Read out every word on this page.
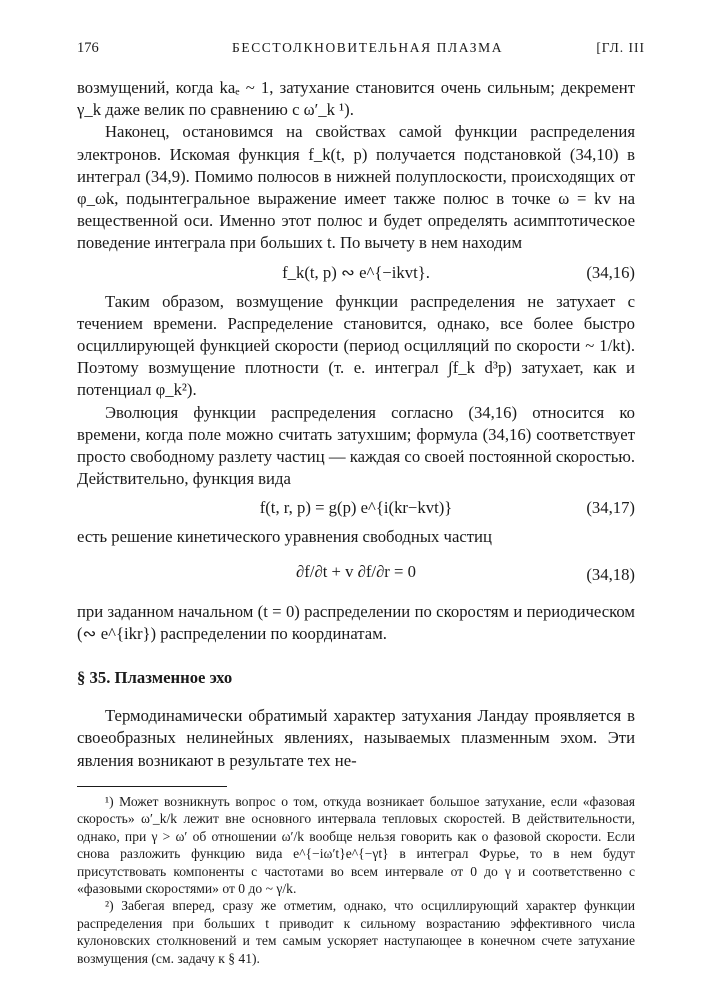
176	БЕССТОЛКНОВИТЕЛЬНАЯ ПЛАЗМА	[ГЛ. III

возмущений, когда kaₑ ~ 1, затухание становится очень сильным; декремент γ_k даже велик по сравнению с ω′_k ¹).

Наконец, остановимся на свойствах самой функции распределения электронов. Искомая функция f_k(t, p) получается подстановкой (34,10) в интеграл (34,9). Помимо полюсов в нижней полуплоскости, происходящих от φ_ωk, подынтегральное выражение имеет также полюс в точке ω = kv на вещественной оси. Именно этот полюс и будет определять асимптотическое поведение интеграла при больших t. По вычету в нем находим

f_k(t, p) ∾ e^{−ikvt}.	(34,16)

Таким образом, возмущение функции распределения не затухает с течением времени. Распределение становится, однако, все более быстро осциллирующей функцией скорости (период осцилляций по скорости ~ 1/kt). Поэтому возмущение плотности (т. е. интеграл ∫f_k d³p) затухает, как и потенциал φ_k²).

Эволюция функции распределения согласно (34,16) относится ко времени, когда поле можно считать затухшим; формула (34,16) соответствует просто свободному разлету частиц — каждая со своей постоянной скоростью. Действительно, функция вида

f(t, r, p) = g(p) e^{i(kr−kvt)}	(34,17)

есть решение кинетического уравнения свободных частиц

∂f/∂t + v ∂f/∂r = 0	(34,18)

при заданном начальном (t = 0) распределении по скоростям и периодическом (∾ e^{ikr}) распределении по координатам.

§ 35. Плазменное эхо

Термодинамически обратимый характер затухания Ландау проявляется в своеобразных нелинейных явлениях, называемых плазменным эхом. Эти явления возникают в результате тех не-

¹) Может возникнуть вопрос о том, откуда возникает большое затухание, если «фазовая скорость» ω′_k/k лежит вне основного интервала тепловых скоростей. В действительности, однако, при γ > ω′ об отношении ω′/k вообще нельзя говорить как о фазовой скорости. Если снова разложить функцию вида e^{−iω′t}e^{−γt} в интеграл Фурье, то в нем будут присутствовать компоненты с частотами во всем интервале от 0 до γ и соответственно с «фазовыми скоростями» от 0 до ~ γ/k.

²) Забегая вперед, сразу же отметим, однако, что осциллирующий характер функции распределения при больших t приводит к сильному возрастанию эффективного числа кулоновских столкновений и тем самым ускоряет наступающее в конечном счете затухание возмущения (см. задачу к § 41).
